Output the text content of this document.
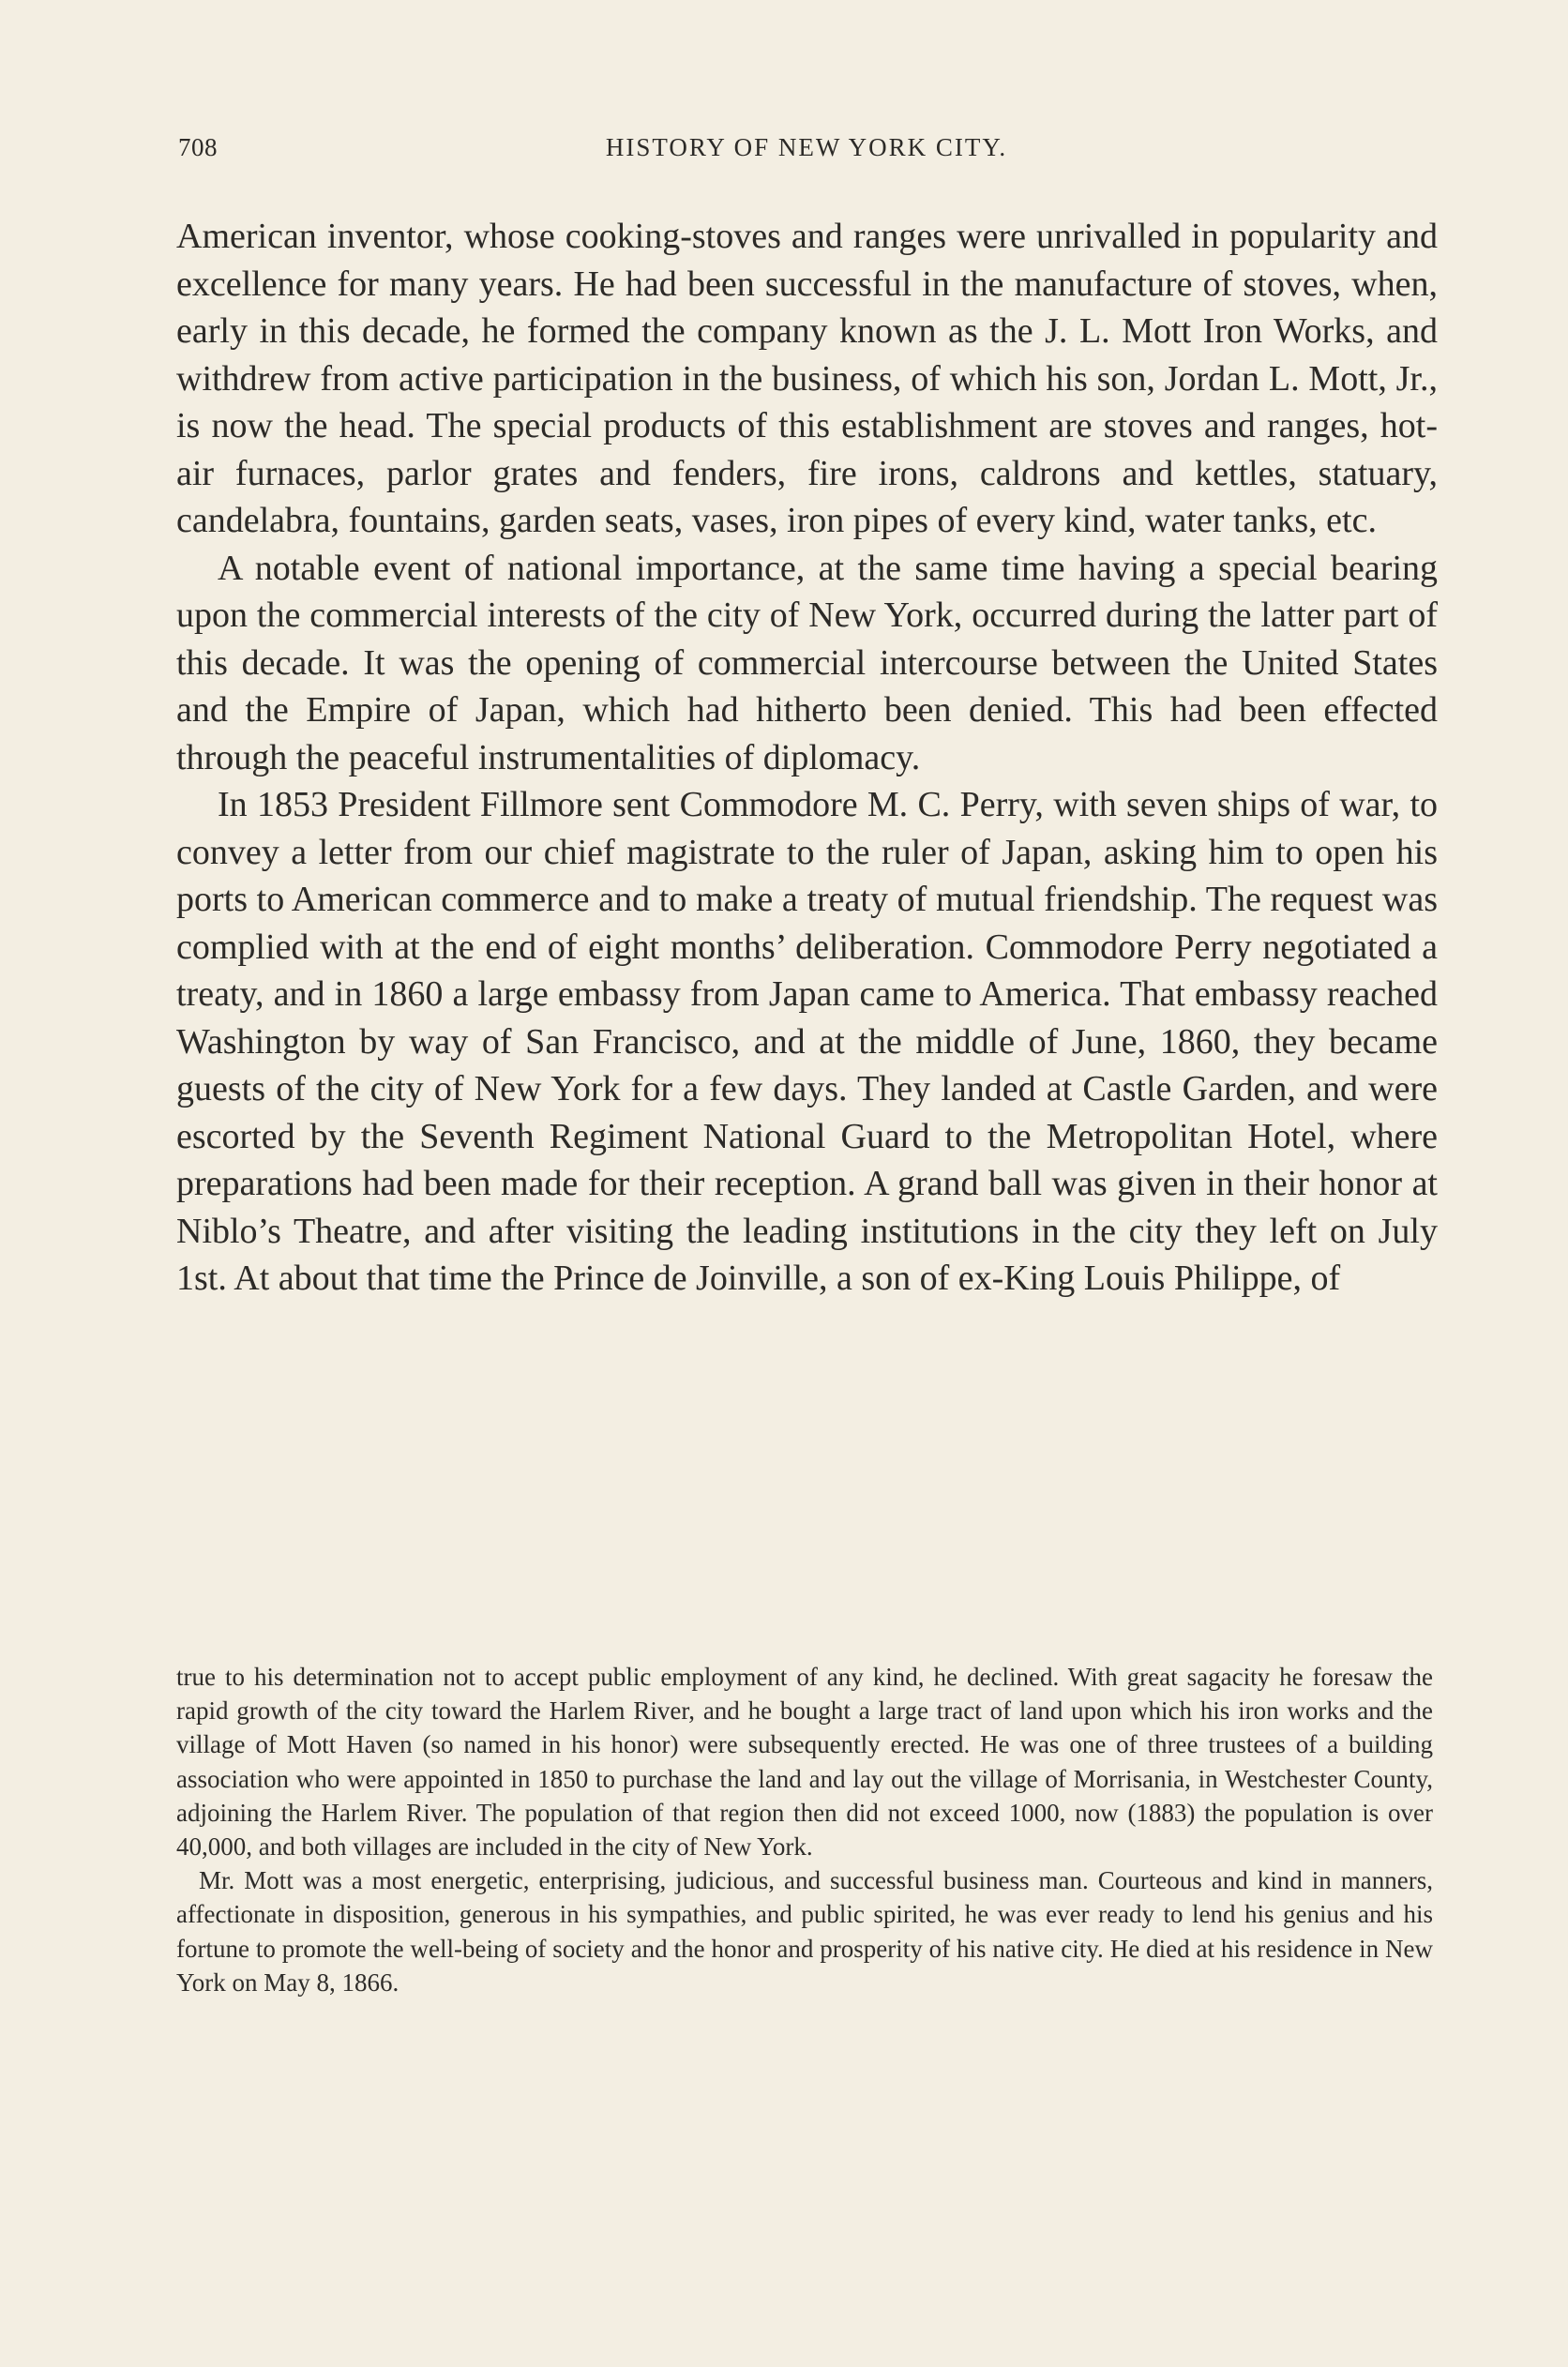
708	HISTORY OF NEW YORK CITY.

American inventor, whose cooking-stoves and ranges were unrivalled in popularity and excellence for many years. He had been successful in the manufacture of stoves, when, early in this decade, he formed the company known as the J. L. Mott Iron Works, and withdrew from active participation in the business, of which his son, Jordan L. Mott, Jr., is now the head. The special products of this establishment are stoves and ranges, hot-air furnaces, parlor grates and fenders, fire irons, caldrons and kettles, statuary, candelabra, fountains, garden seats, vases, iron pipes of every kind, water tanks, etc.

A notable event of national importance, at the same time having a special bearing upon the commercial interests of the city of New York, occurred during the latter part of this decade. It was the opening of commercial intercourse between the United States and the Empire of Japan, which had hitherto been denied. This had been effected through the peaceful instrumentalities of diplomacy.

In 1853 President Fillmore sent Commodore M. C. Perry, with seven ships of war, to convey a letter from our chief magistrate to the ruler of Japan, asking him to open his ports to American commerce and to make a treaty of mutual friendship. The request was complied with at the end of eight months’ deliberation. Commodore Perry negotiated a treaty, and in 1860 a large embassy from Japan came to America. That embassy reached Washington by way of San Francisco, and at the middle of June, 1860, they became guests of the city of New York for a few days. They landed at Castle Garden, and were escorted by the Seventh Regiment National Guard to the Metropolitan Hotel, where preparations had been made for their reception. A grand ball was given in their honor at Niblo’s Theatre, and after visiting the leading institutions in the city they left on July 1st. At about that time the Prince de Joinville, a son of ex-King Louis Philippe, of

true to his determination not to accept public employment of any kind, he declined. With great sagacity he foresaw the rapid growth of the city toward the Harlem River, and he bought a large tract of land upon which his iron works and the village of Mott Haven (so named in his honor) were subsequently erected. He was one of three trustees of a building association who were appointed in 1850 to purchase the land and lay out the village of Morrisania, in Westchester County, adjoining the Harlem River. The population of that region then did not exceed 1000, now (1883) the population is over 40,000, and both villages are included in the city of New York.

Mr. Mott was a most energetic, enterprising, judicious, and successful business man. Courteous and kind in manners, affectionate in disposition, generous in his sympathies, and public spirited, he was ever ready to lend his genius and his fortune to promote the well-being of society and the honor and prosperity of his native city. He died at his residence in New York on May 8, 1866.
